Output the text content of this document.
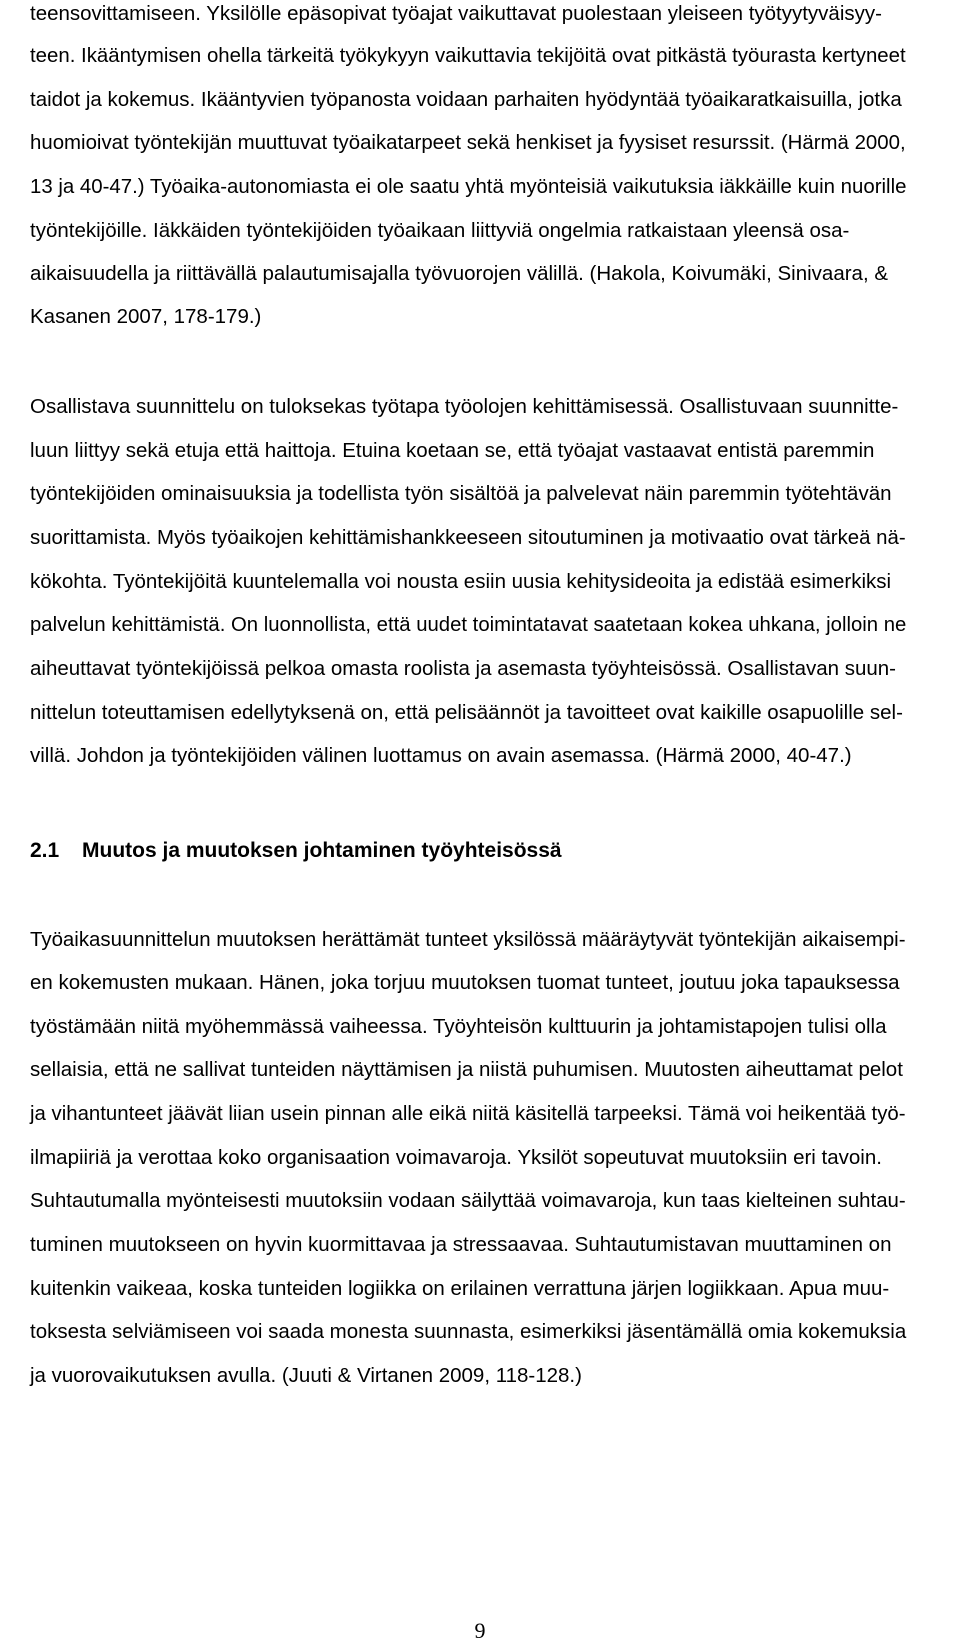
teensovittamiseen. Yksilölle epäsopivat työajat vaikuttavat puolestaan yleiseen työtyytyväisyy-
teen. Ikääntymisen ohella tärkeitä työkykyyn vaikuttavia tekijöitä ovat pitkästä työurasta kertyneet
taidot ja kokemus. Ikääntyvien työpanosta voidaan parhaiten hyödyntää työaikaratkaisuilla, jotka
huomioivat työntekijän muuttuvat työaikatarpeet sekä henkiset ja fyysiset resurssit. (Härmä 2000,
13 ja 40-47.) Työaika-autonomiasta ei ole saatu yhtä myönteisiä vaikutuksia iäkkäille kuin nuorille
työntekijöille. Iäkkäiden työntekijöiden työaikaan liittyviä ongelmia ratkaistaan yleensä osa-
aikaisuudella ja riittävällä palautumisajalla työvuorojen välillä. (Hakola, Koivumäki, Sinivaara, &
Kasanen 2007, 178-179.)
Osallistava suunnittelu on tuloksekas työtapa työolojen kehittämisessä. Osallistuvaan suunnitte-
luun liittyy sekä etuja että haittoja. Etuina koetaan se, että työajat vastaavat entistä paremmin
työntekijöiden ominaisuuksia ja todellista työn sisältöä ja palvelevat näin paremmin työtehtävän
suorittamista. Myös työaikojen kehittämishankkeeseen sitoutuminen ja motivaatio ovat tärkeä nä-
kökohta. Työntekijöitä kuuntelemalla voi nousta esiin uusia kehitysideoita ja edistää esimerkiksi
palvelun kehittämistä. On luonnollista, että uudet toimintatavat saatetaan kokea uhkana, jolloin ne
aiheuttavat työntekijöissä pelkoa omasta roolista ja asemasta työyhteisössä. Osallistavan suun-
nittelun toteuttamisen edellytyksenä on, että pelisäännöt ja tavoitteet ovat kaikille osapuolille sel-
villä. Johdon ja työntekijöiden välinen luottamus on avain asemassa. (Härmä 2000, 40-47.)
2.1 Muutos ja muutoksen johtaminen työyhteisössä
Työaikasuunnittelun muutoksen herättämät tunteet yksilössä määräytyvät työntekijän aikaisempi-
en kokemusten mukaan. Hänen, joka torjuu muutoksen tuomat tunteet, joutuu joka tapauksessa
työstämään niitä myöhemmässä vaiheessa. Työyhteisön kulttuurin ja johtamistapojen tulisi olla
sellaisia, että ne sallivat tunteiden näyttämisen ja niistä puhumisen. Muutosten aiheuttamat pelot
ja vihantunteet jäävät liian usein pinnan alle eikä niitä käsitellä tarpeeksi. Tämä voi heikentää työ-
ilmapiiriä ja verottaa koko organisaation voimavaroja. Yksilöt sopeutuvat muutoksiin eri tavoin.
Suhtautumalla myönteisesti muutoksiin vodaan säilyttää voimavaroja, kun taas kielteinen suhtau-
tuminen muutokseen on hyvin kuormittavaa ja stressaavaa. Suhtautumistavan muuttaminen on
kuitenkin vaikeaa, koska tunteiden logiikka on erilainen verrattuna järjen logiikkaan. Apua muu-
toksesta selviämiseen voi saada monesta suunnasta, esimerkiksi jäsentämällä omia kokemuksia
ja vuorovaikutuksen avulla. (Juuti & Virtanen 2009, 118-128.)
9
